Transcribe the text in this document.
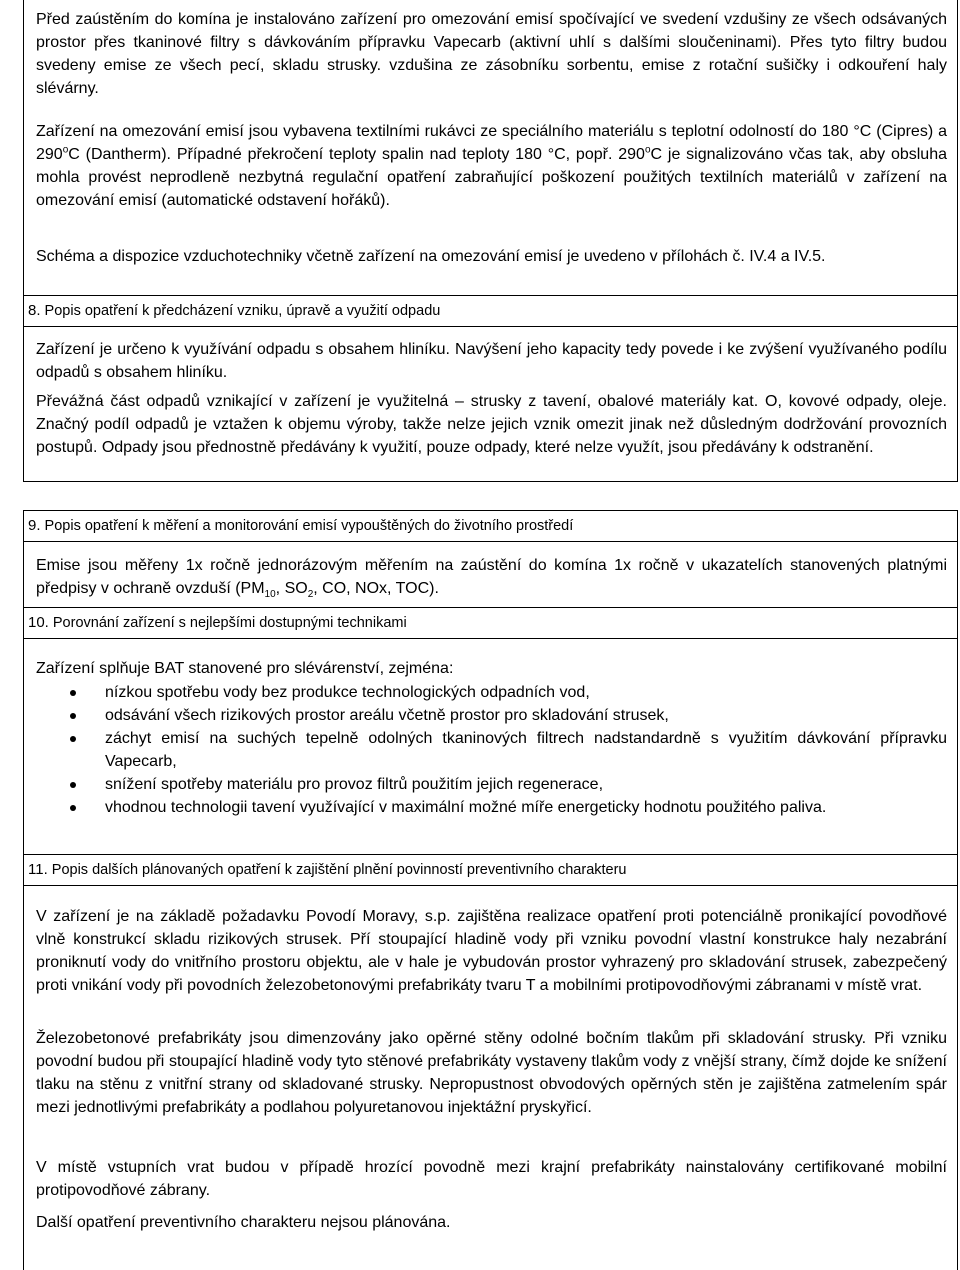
Před zaústěním do komína je instalováno zařízení pro omezování emisí spočívající ve svedení vzdušiny ze všech odsávaných prostor přes tkaninové filtry s dávkováním přípravku Vapecarb (aktivní uhlí s dalšími sloučeninami). Přes tyto filtry budou svedeny emise ze všech pecí, skladu strusky. vzdušina ze zásobníku sorbentu, emise z rotační sušičky i odkouření haly slévárny.
Zařízení na omezování emisí jsou vybavena textilními rukávci ze speciálního materiálu s teplotní odolností do 180 °C (Cipres) a 290$^o$C (Dantherm). Případné překročení teploty spalin nad teploty 180 °C, popř. 290$^o$C je signalizováno včas tak, aby obsluha mohla provést neprodleně nezbytná regulační opatření zabraňující poškození použitých textilních materiálů v zařízení na omezování emisí (automatické odstavení hořáků).
Schéma a dispozice vzduchotechniky včetně zařízení na omezování emisí je uvedeno v přílohách č. IV.4 a IV.5.
8. Popis opatření k předcházení vzniku, úpravě a využití odpadu
Zařízení je určeno k využívání odpadu s obsahem hliníku. Navýšení jeho kapacity tedy povede i ke zvýšení využívaného podílu odpadů s obsahem hliníku.
Převážná část odpadů vznikající v zařízení je využitelná – strusky z tavení, obalové materiály kat. O, kovové odpady, oleje. Značný podíl odpadů je vztažen k objemu výroby, takže nelze jejich vznik omezit jinak než důsledným dodržování provozních postupů. Odpady jsou přednostně předávány k využití, pouze odpady, které nelze využít, jsou předávány k odstranění.
9. Popis opatření k měření a monitorování emisí vypouštěných do životního prostředí
Emise jsou měřeny 1x ročně jednorázovým měřením na zaústění do komína 1x ročně v ukazatelích stanovených platnými předpisy v ochraně ovzduší ($PM_{10}$, $SO_2$, CO, NOx, TOC).
10. Porovnání zařízení s nejlepšími dostupnými technikami
Zařízení splňuje BAT stanovené pro slévárenství, zejména:
nízkou spotřebu vody bez produkce technologických odpadních vod,
odsávání všech rizikových prostor areálu včetně prostor pro skladování strusek,
záchyt emisí na suchých tepelně odolných tkaninových filtrech nadstandardně s využitím dávkování přípravku Vapecarb,
snížení spotřeby materiálu pro provoz filtrů použitím jejich regenerace,
vhodnou technologii tavení využívající v maximální možné míře energeticky hodnotu použitého paliva.
11. Popis dalších plánovaných opatření k zajištění plnění povinností preventivního charakteru
V zařízení je na základě požadavku Povodí Moravy, s.p. zajištěna realizace opatření proti potenciálně pronikající povodňové vlně konstrukcí skladu rizikových strusek. Pří stoupající hladině vody při vzniku povodní vlastní konstrukce haly nezabrání proniknutí vody do vnitřního prostoru objektu, ale v hale je vybudován prostor vyhrazený pro skladování strusek, zabezpečený proti vnikání vody při povodních železobetonovými prefabrikáty tvaru T a mobilními protipovodňovými zábranami v místě vrat.
Železobetonové prefabrikáty jsou dimenzovány jako opěrné stěny odolné bočním tlakům při skladování strusky. Při vzniku povodní budou při stoupající hladině vody tyto stěnové prefabrikáty vystaveny tlakům vody z vnější strany, čímž dojde ke snížení tlaku na stěnu z vnitřní strany od skladované strusky. Nepropustnost obvodových opěrných stěn je zajištěna zatmelením spár mezi jednotlivými prefabrikáty a podlahou polyuretanovou injektážní pryskyřicí.
V místě vstupních vrat budou v případě hrozící povodně mezi krajní prefabrikáty nainstalovány certifikované mobilní protipovodňové zábrany.
Další opatření preventivního charakteru nejsou plánována.
